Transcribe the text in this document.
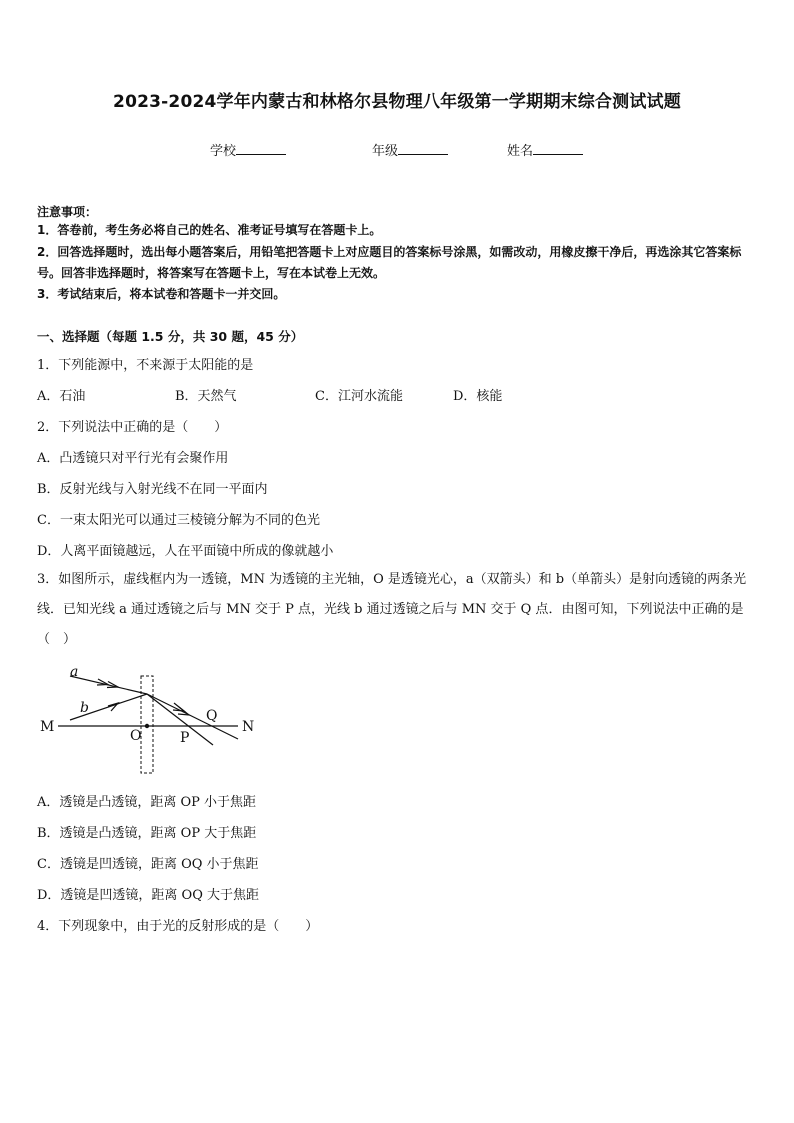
2023-2024学年内蒙古和林格尔县物理八年级第一学期期末综合测试试题
学校	年级	姓名
注意事项：
1．答卷前，考生务必将自己的姓名、准考证号填写在答题卡上。
2．回答选择题时，选出每小题答案后，用铅笔把答题卡上对应题目的答案标号涂黑，如需改动，用橡皮擦干净后，再选涂其它答案标号。回答非选择题时，将答案写在答题卡上，写在本试卷上无效。
3．考试结束后，将本试卷和答题卡一并交回。
一、选择题（每题 1.5 分，共 30 题，45 分）
1．下列能源中，不来源于太阳能的是
A．石油	B．天然气	C．江河水流能	D．核能
2．下列说法中正确的是（　　）
A．凸透镜只对平行光有会聚作用
B．反射光线与入射光线不在同一平面内
C．一束太阳光可以通过三棱镜分解为不同的色光
D．人离平面镜越远，人在平面镜中所成的像就越小
3．如图所示，虚线框内为一透镜，MN 为透镜的主光轴，O 是透镜光心，a（双箭头）和 b（单箭头）是射向透镜的两条光线．已知光线 a 通过透镜之后与 MN 交于 P 点，光线 b 通过透镜之后与 MN 交于 Q 点．由图可知，下列说法中正确的是（　）
a
b
M	N
O	P
Q
A．透镜是凸透镜，距离 OP 小于焦距
B．透镜是凸透镜，距离 OP 大于焦距
C．透镜是凹透镜，距离 OQ 小于焦距
D．透镜是凹透镜，距离 OQ 大于焦距
4．下列现象中，由于光的反射形成的是（　　）
